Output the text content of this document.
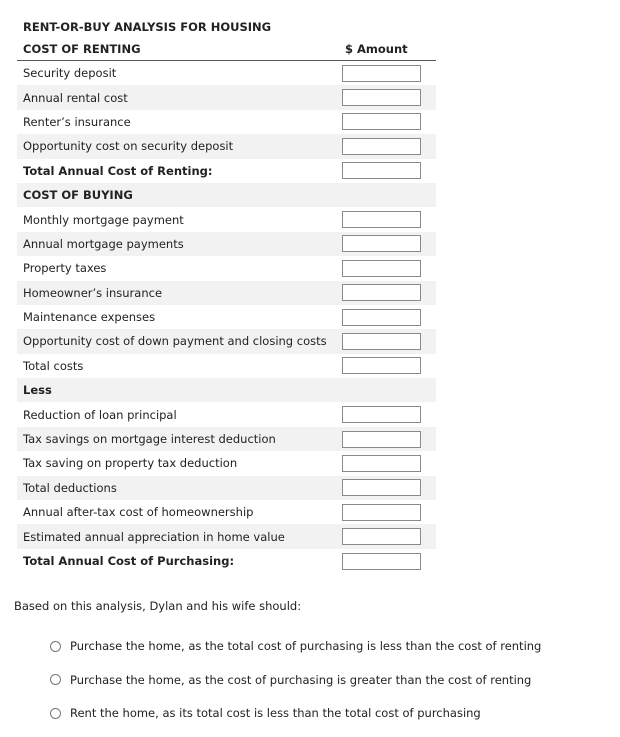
RENT-OR-BUY ANALYSIS FOR HOUSING
COST OF RENTING	$ Amount
Security deposit
Annual rental cost
Renter’s insurance
Opportunity cost on security deposit
Total Annual Cost of Renting:
COST OF BUYING
Monthly mortgage payment
Annual mortgage payments
Property taxes
Homeowner’s insurance
Maintenance expenses
Opportunity cost of down payment and closing costs
Total costs
Less
Reduction of loan principal
Tax savings on mortgage interest deduction
Tax saving on property tax deduction
Total deductions
Annual after-tax cost of homeownership
Estimated annual appreciation in home value
Total Annual Cost of Purchasing:
Based on this analysis, Dylan and his wife should:
Purchase the home, as the total cost of purchasing is less than the cost of renting
Purchase the home, as the cost of purchasing is greater than the cost of renting
Rent the home, as its total cost is less than the total cost of purchasing
